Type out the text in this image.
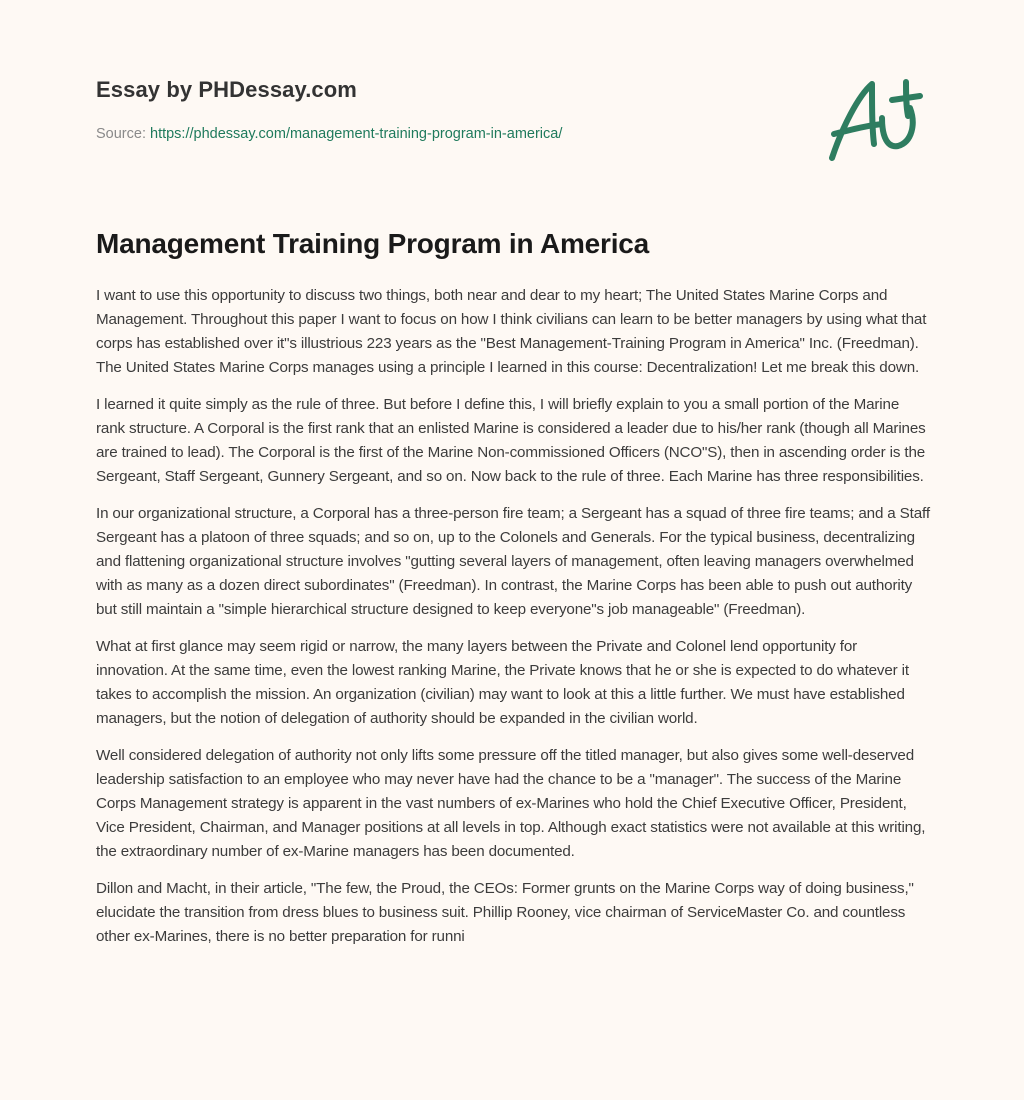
Essay by PHDessay.com
Source: https://phdessay.com/management-training-program-in-america/
Management Training Program in America

I want to use this opportunity to discuss two things, both near and dear to my heart; The United States Marine Corps and Management. Throughout this paper I want to focus on how I think civilians can learn to be better managers by using what that corps has established over it"s illustrious 223 years as the "Best Management-Training Program in America" Inc. (Freedman). The United States Marine Corps manages using a principle I learned in this course: Decentralization! Let me break this down.

I learned it quite simply as the rule of three. But before I define this, I will briefly explain to you a small portion of the Marine rank structure. A Corporal is the first rank that an enlisted Marine is considered a leader due to his/her rank (though all Marines are trained to lead). The Corporal is the first of the Marine Non-commissioned Officers (NCO"S), then in ascending order is the Sergeant, Staff Sergeant, Gunnery Sergeant, and so on. Now back to the rule of three. Each Marine has three responsibilities.

In our organizational structure, a Corporal has a three-person fire team; a Sergeant has a squad of three fire teams; and a Staff Sergeant has a platoon of three squads; and so on, up to the Colonels and Generals. For the typical business, decentralizing and flattening organizational structure involves "gutting several layers of management, often leaving managers overwhelmed with as many as a dozen direct subordinates" (Freedman). In contrast, the Marine Corps has been able to push out authority but still maintain a "simple hierarchical structure designed to keep everyone"s job manageable" (Freedman).

What at first glance may seem rigid or narrow, the many layers between the Private and Colonel lend opportunity for innovation. At the same time, even the lowest ranking Marine, the Private knows that he or she is expected to do whatever it takes to accomplish the mission. An organization (civilian) may want to look at this a little further. We must have established managers, but the notion of delegation of authority should be expanded in the civilian world.

Well considered delegation of authority not only lifts some pressure off the titled manager, but also gives some well-deserved leadership satisfaction to an employee who may never have had the chance to be a "manager". The success of the Marine Corps Management strategy is apparent in the vast numbers of ex-Marines who hold the Chief Executive Officer, President, Vice President, Chairman, and Manager positions at all levels in top. Although exact statistics were not available at this writing, the extraordinary number of ex-Marine managers has been documented.

Dillon and Macht, in their article, "The few, the Proud, the CEOs: Former grunts on the Marine Corps way of doing business," elucidate the transition from dress blues to business suit. Phillip Rooney, vice chairman of ServiceMaster Co. and countless other ex-Marines, there is no better preparation for runni
